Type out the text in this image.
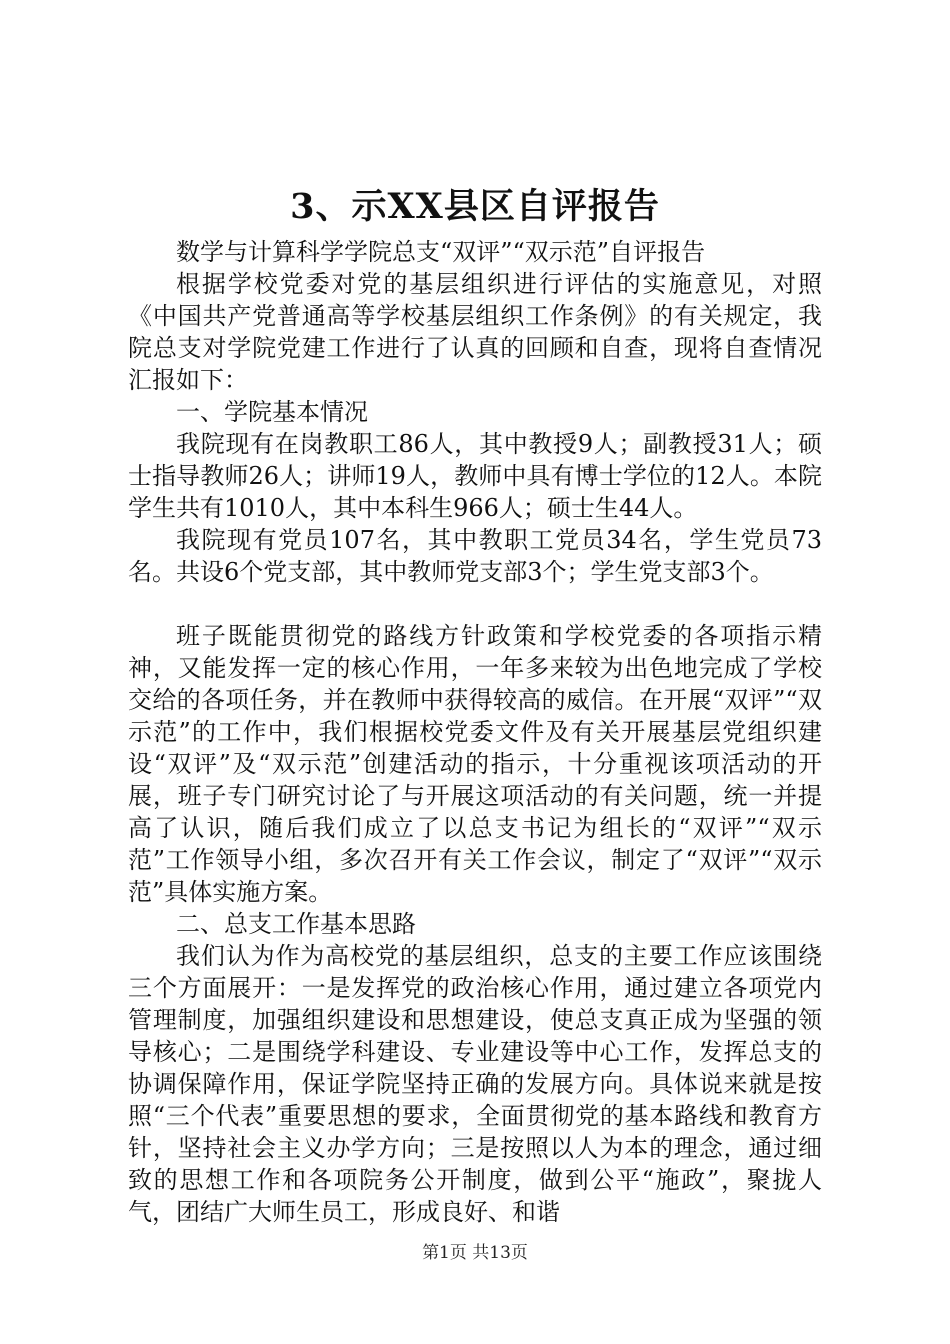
3、示XX县区自评报告

数学与计算科学学院总支“双评”“双示范”自评报告

根据学校党委对党的基层组织进行评估的实施意见，对照《中国共产党普通高等学校基层组织工作条例》的有关规定，我院总支对学院党建工作进行了认真的回顾和自查，现将自查情况汇报如下：

一、学院基本情况

我院现有在岗教职工86人，其中教授9人；副教授31人；硕士指导教师26人；讲师19人，教师中具有博士学位的12人。本院学生共有1010人，其中本科生966人；硕士生44人。

我院现有党员107名，其中教职工党员34名，学生党员73名。共设6个党支部，其中教师党支部3个；学生党支部3个。

班子既能贯彻党的路线方针政策和学校党委的各项指示精神，又能发挥一定的核心作用，一年多来较为出色地完成了学校交给的各项任务，并在教师中获得较高的威信。在开展“双评”“双示范”的工作中，我们根据校党委文件及有关开展基层党组织建设“双评”及“双示范”创建活动的指示，十分重视该项活动的开展，班子专门研究讨论了与开展这项活动的有关问题，统一并提高了认识，随后我们成立了以总支书记为组长的“双评”“双示范”工作领导小组，多次召开有关工作会议，制定了“双评”“双示范”具体实施方案。

二、总支工作基本思路

我们认为作为高校党的基层组织，总支的主要工作应该围绕三个方面展开：一是发挥党的政治核心作用，通过建立各项党内管理制度，加强组织建设和思想建设，使总支真正成为坚强的领导核心；二是围绕学科建设、专业建设等中心工作，发挥总支的协调保障作用，保证学院坚持正确的发展方向。具体说来就是按照“三个代表”重要思想的要求，全面贯彻党的基本路线和教育方针，坚持社会主义办学方向；三是按照以人为本的理念，通过细致的思想工作和各项院务公开制度，做到公平“施政”，聚拢人气，团结广大师生员工，形成良好、和谐

第1页 共13页
